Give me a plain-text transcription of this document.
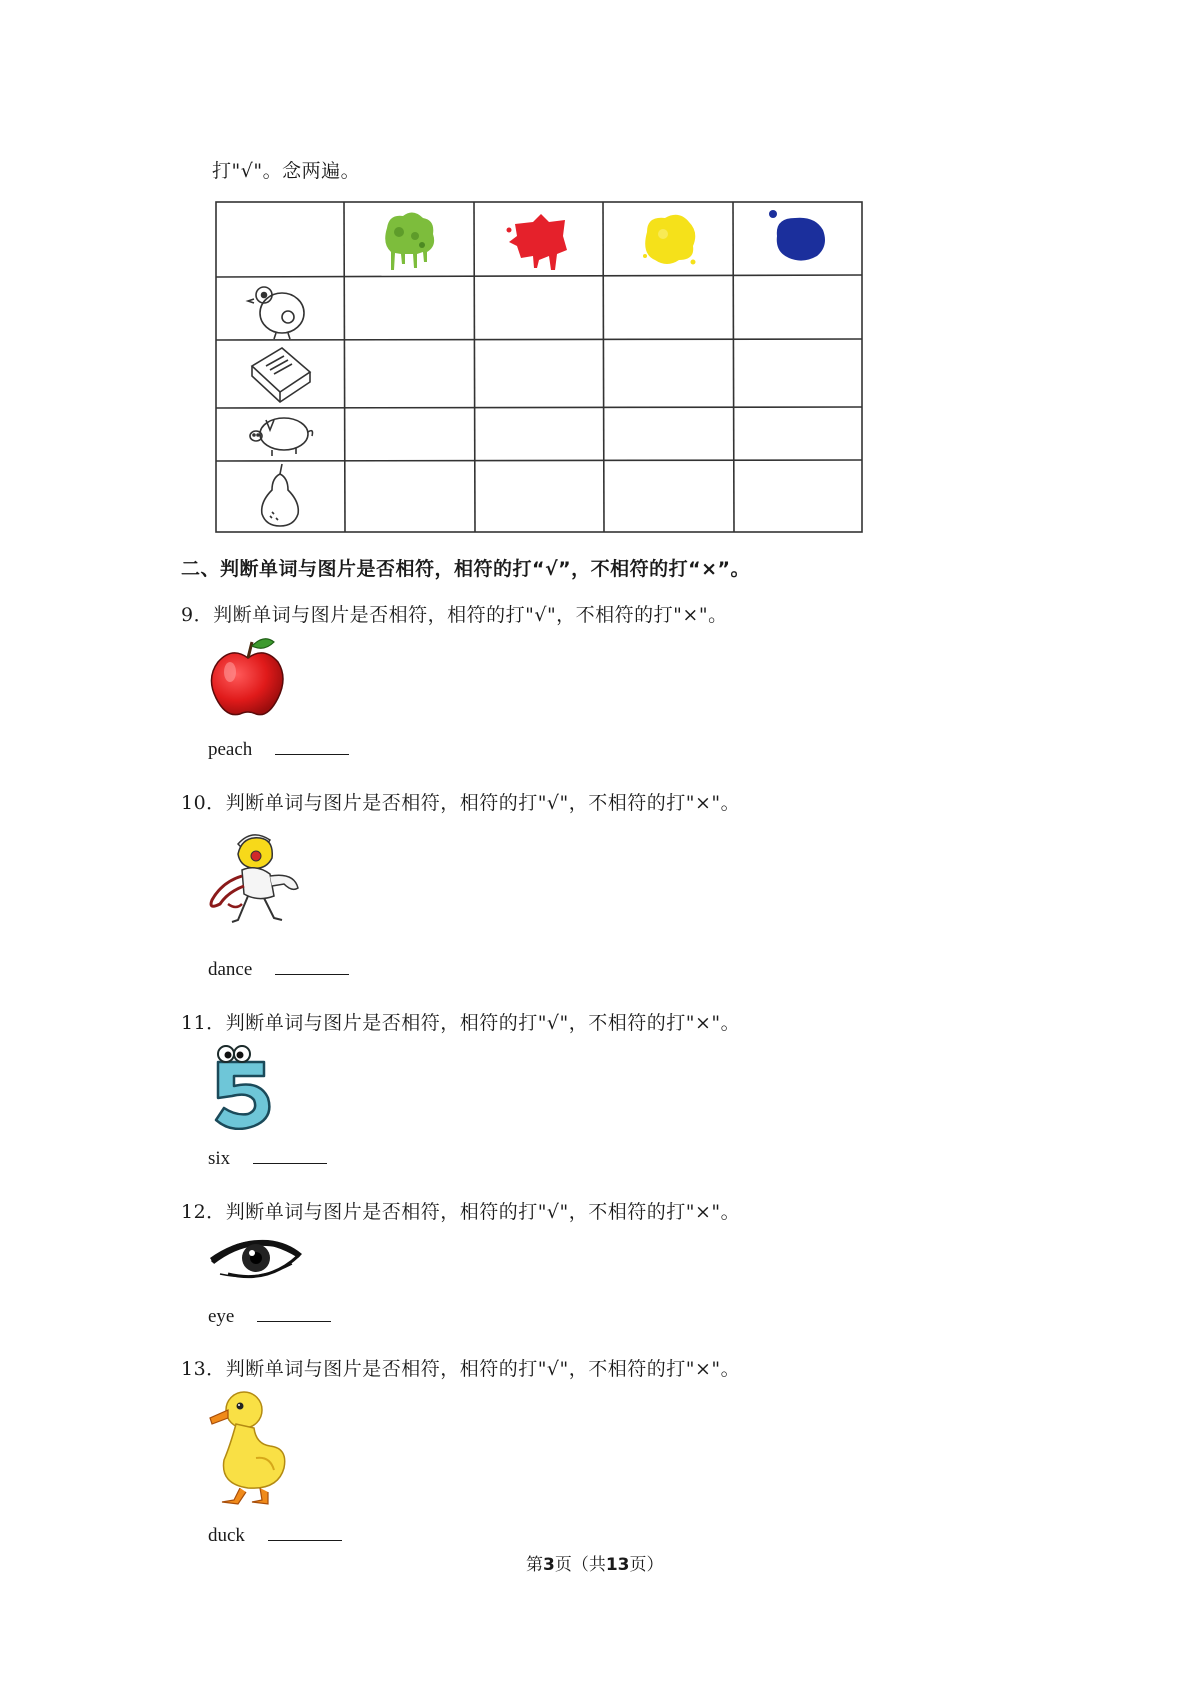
打"√"。念两遍。
二、判断单词与图片是否相符，相符的打“√”，不相符的打“×”。
9．判断单词与图片是否相符，相符的打"√"，不相符的打"×"。
peach
10．判断单词与图片是否相符，相符的打"√"，不相符的打"×"。
dance
11．判断单词与图片是否相符，相符的打"√"，不相符的打"×"。
six
12．判断单词与图片是否相符，相符的打"√"，不相符的打"×"。
eye
13．判断单词与图片是否相符，相符的打"√"，不相符的打"×"。
duck
第3页（共13页）
